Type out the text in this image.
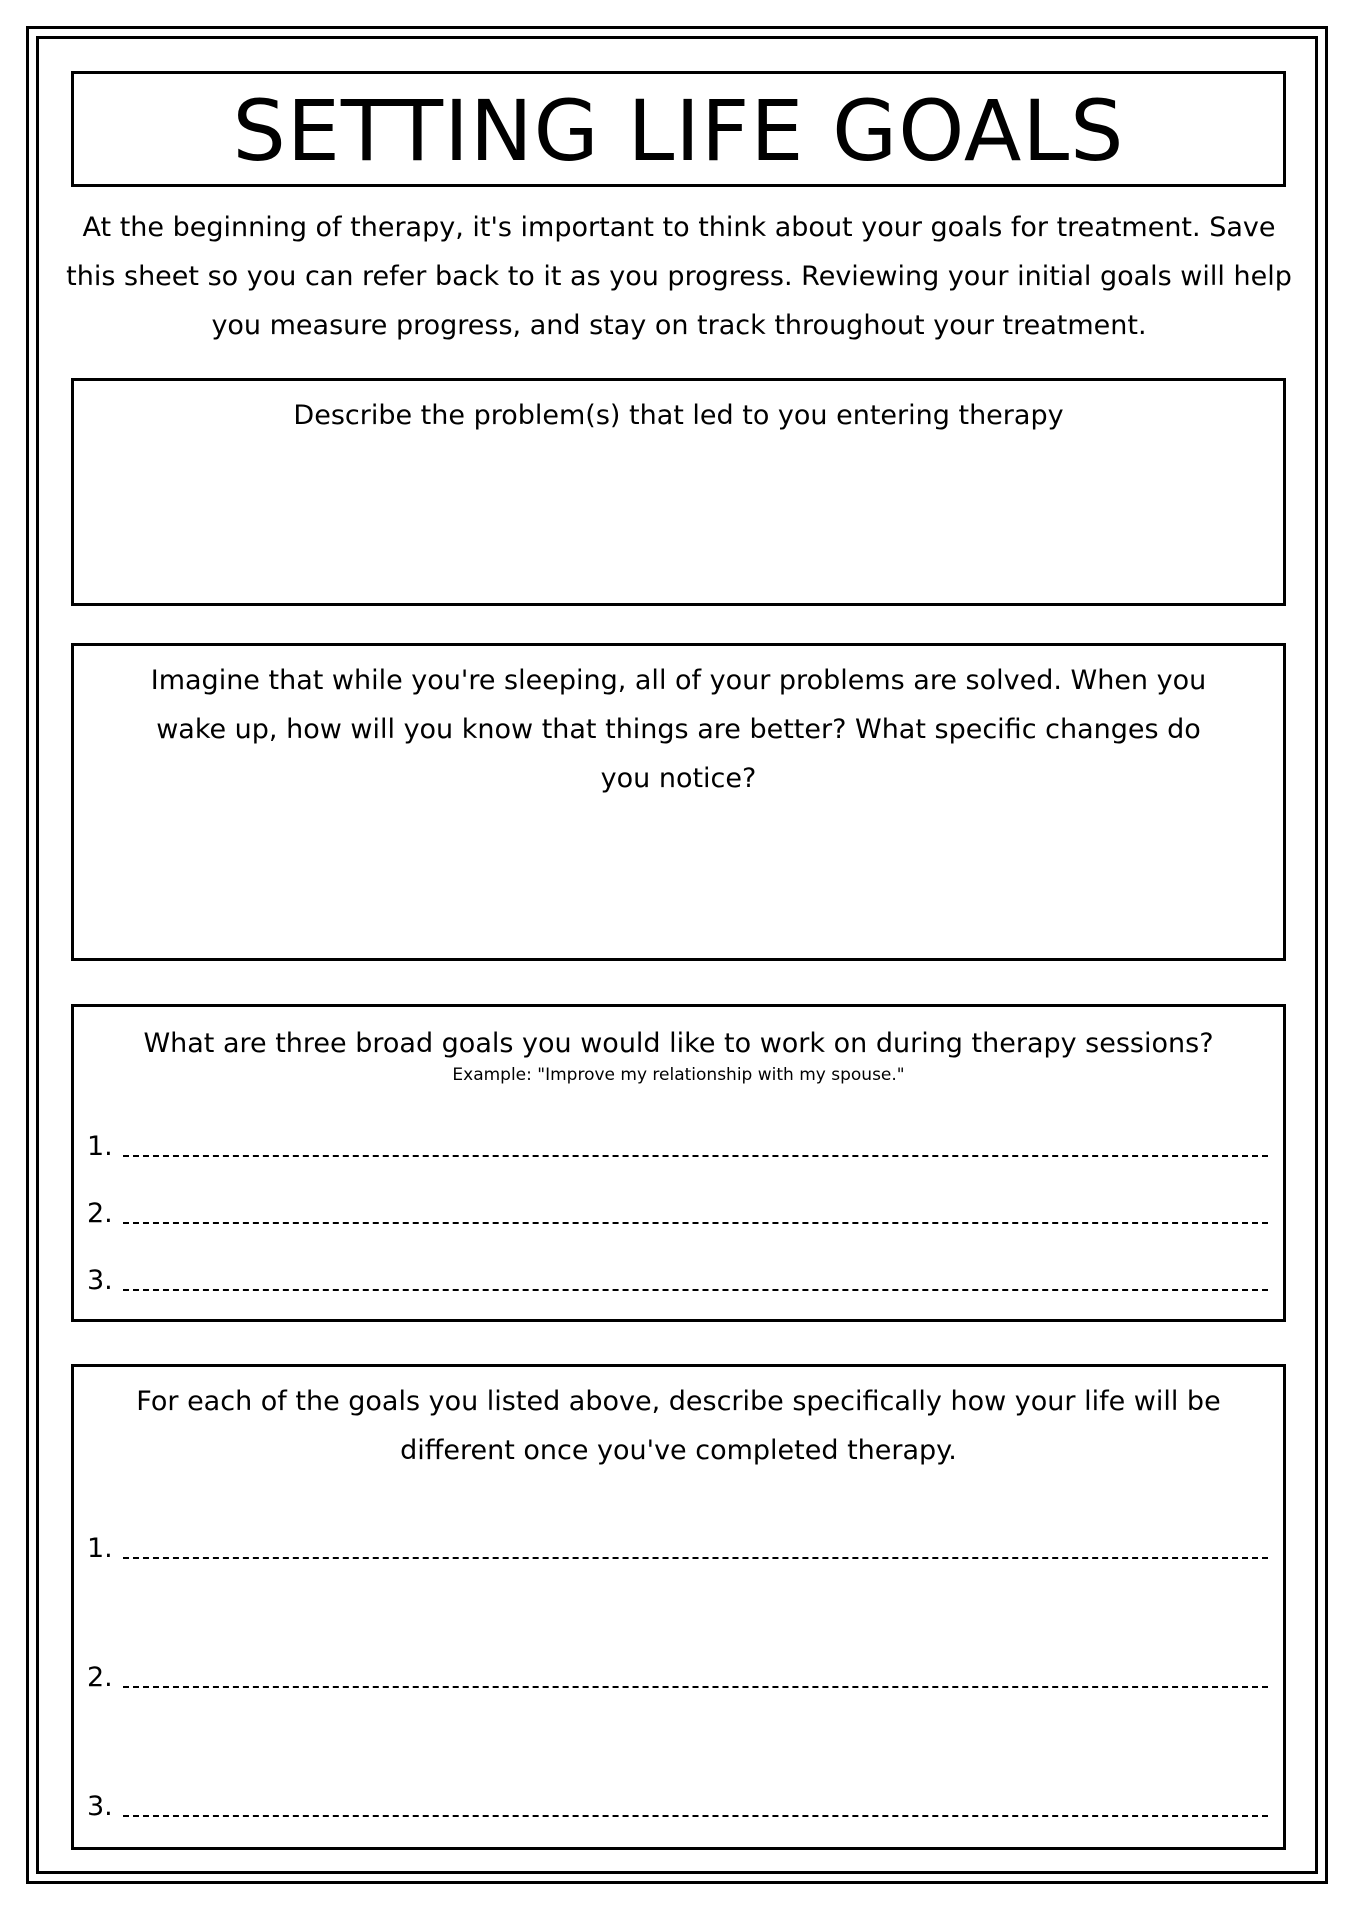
SETTING LIFE GOALS

At the beginning of therapy, it's important to think about your goals for treatment. Save this sheet so you can refer back to it as you progress. Reviewing your initial goals will help you measure progress, and stay on track throughout your treatment.

Describe the problem(s) that led to you entering therapy

Imagine that while you're sleeping, all of your problems are solved. When you wake up, how will you know that things are better? What specific changes do you notice?

What are three broad goals you would like to work on during therapy sessions?

Example: "Improve my relationship with my spouse."

1.
2.
3.

For each of the goals you listed above, describe specifically how your life will be different once you've completed therapy.

1.
2.
3.
